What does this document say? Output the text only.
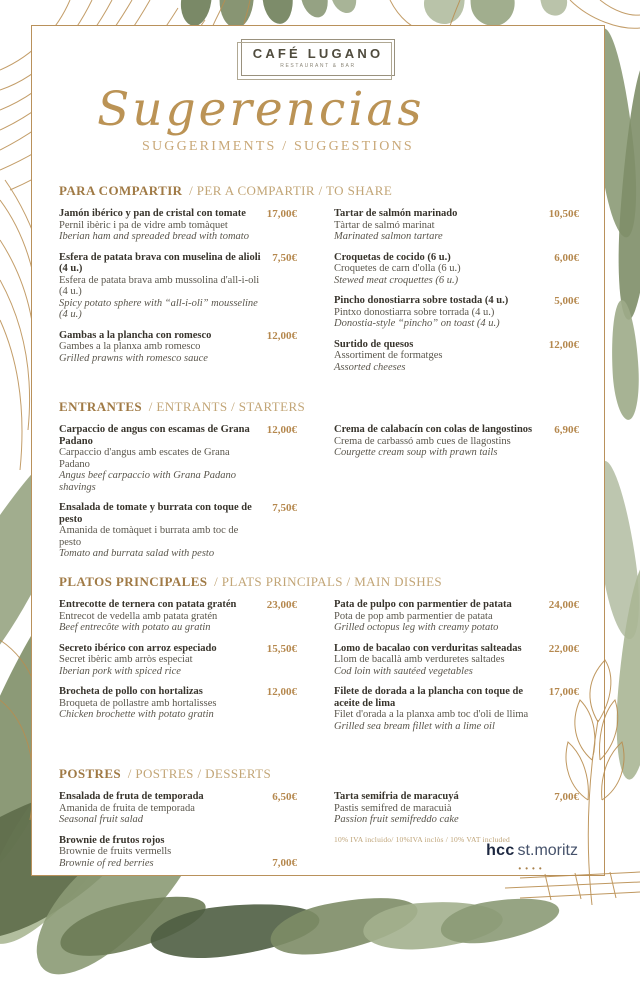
CAFÉ LUGANO
RESTAURANT & BAR
Sugerencias
SUGGERIMENTS / SUGGESTIONS
PARA COMPARTIR / PER A COMPARTIR / TO SHARE
Jamón ibérico y pan de cristal con tomate
Pernil ibèric i pa de vidre amb tomàquet
Iberian ham and spreaded bread with tomato
17,00€
Esfera de patata brava con muselina de alioli (4 u.)
Esfera de patata brava amb mussolina d'all-i-oli (4 u.)
Spicy potato sphere with “all-i-oli” mousseline (4 u.)
7,50€
Gambas a la plancha con romesco
Gambes a la planxa amb romesco
Grilled prawns with romesco sauce
12,00€
Tartar de salmón marinado
Tàrtar de salmó marinat
Marinated salmon tartare
10,50€
Croquetas de cocido (6 u.)
Croquetes de carn d'olla (6 u.)
Stewed meat croquettes (6 u.)
6,00€
Pincho donostiarra sobre tostada (4 u.)
Pintxo donostiarra sobre torrada (4 u.)
Donostia-style “pincho” on toast (4 u.)
5,00€
Surtido de quesos
Assortiment de formatges
Assorted cheeses
12,00€
ENTRANTES / ENTRANTS / STARTERS
Carpaccio de angus con escamas de Grana Padano
Carpaccio d'angus amb escates de Grana Padano
Angus beef carpaccio with Grana Padano shavings
12,00€
Ensalada de tomate y burrata con toque de pesto
Amanida de tomàquet i burrata amb toc de pesto
Tomato and burrata salad with pesto
7,50€
Crema de calabacín con colas de langostinos
Crema de carbassó amb cues de llagostins
Courgette cream soup with prawn tails
6,90€
PLATOS PRINCIPALES / PLATS PRINCIPALS / MAIN DISHES
Entrecotte de ternera con patata gratén
Entrecot de vedella amb patata gratén
Beef entrecôte with potato au gratin
23,00€
Secreto ibérico con arroz especiado
Secret ibèric amb arròs especiat
Iberian pork with spiced rice
15,50€
Brocheta de pollo con hortalizas
Broqueta de pollastre amb hortalisses
Chicken brochette with potato gratin
12,00€
Pata de pulpo con parmentier de patata
Pota de pop amb parmentier de patata
Grilled octopus leg with creamy potato
24,00€
Lomo de bacalao con verduritas salteadas
Llom de bacallà amb verduretes saltades
Cod loin with sautéed vegetables
22,00€
Filete de dorada a la plancha con toque de aceite de lima
Filet d'orada a la planxa amb toc d'oli de llima
Grilled sea bream fillet with a lime oil
17,00€
POSTRES / POSTRES / DESSERTS
Ensalada de fruta de temporada
Amanida de fruita de temporada
Seasonal fruit salad
6,50€
Brownie de frutos rojos
Brownie de fruits vermells
Brownie of red berries	7,00€
Tarta semifria de maracuyá
Pastis semifred de maracuià
Passion fruit semifreddo cake
7,00€
10% IVA incluido/ 10%IVA inclòs / 10% VAT included
hcc st.moritz
••••
